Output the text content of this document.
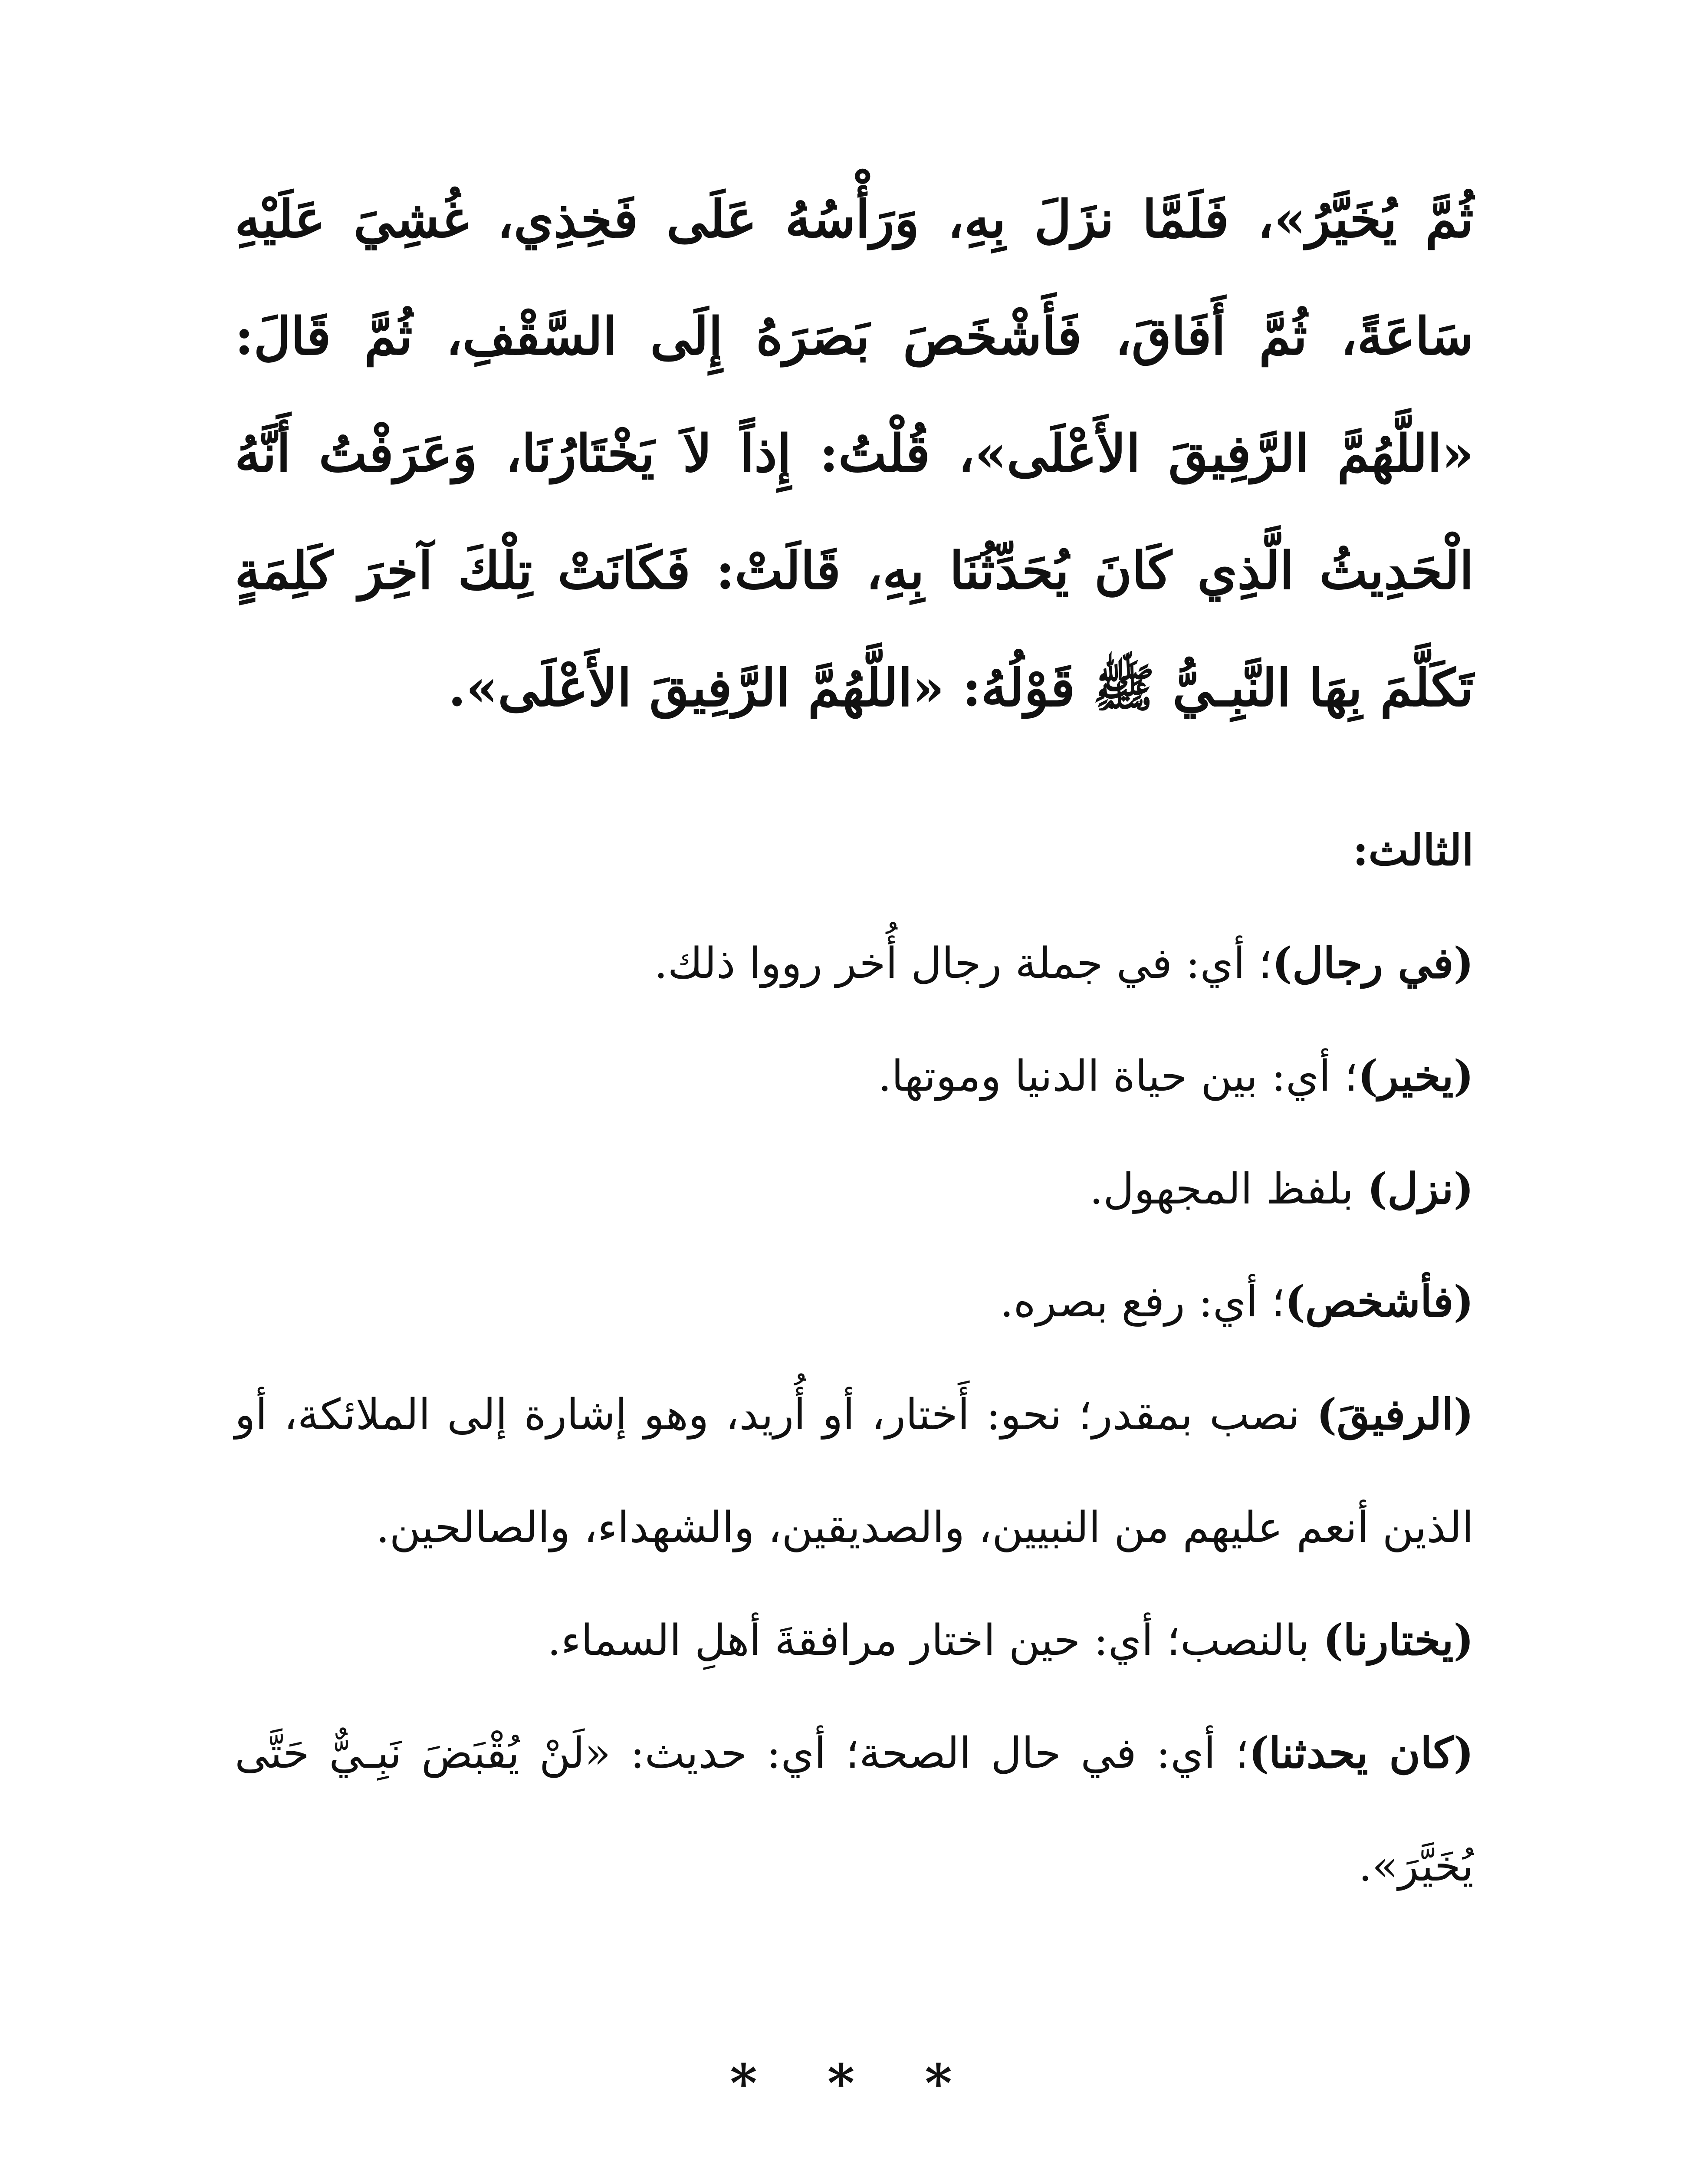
ثُمَّ يُخَيَّرُ»، فَلَمَّا نزَلَ بِهِ، وَرَأْسُهُ عَلَى فَخِذِي، غُشِيَ عَلَيْهِ سَاعَةً، ثُمَّ أَفَاقَ، فَأَشْخَصَ بَصَرَهُ إِلَى السَّقْفِ، ثُمَّ قَالَ: «اللَّهُمَّ الرَّفِيقَ الأَعْلَى»، قُلْتُ: إِذاً لاَ يَخْتَارُنَا، وَعَرَفْتُ أَنَّهُ الْحَدِيثُ الَّذِي كَانَ يُحَدِّثُنَا بِهِ، قَالَتْ: فَكَانَتْ تِلْكَ آخِرَ كَلِمَةٍ تَكَلَّمَ بِهَا النَّبِـيُّ ﷺ قَوْلُهُ: «اللَّهُمَّ الرَّفِيقَ الأَعْلَى».

الثالث:

(في رجال)؛ أي: في جملة رجال أُخر رووا ذلك.

(يخير)؛ أي: بين حياة الدنيا وموتها.

(نزل) بلفظ المجهول.

(فأشخص)؛ أي: رفع بصره.

(الرفيقَ) نصب بمقدر؛ نحو: أَختار، أو أُريد، وهو إشارة إلى الملائكة، أو الذين أنعم عليهم من النبيين، والصديقين، والشهداء، والصالحين.

(يختارنا) بالنصب؛ أي: حين اختار مرافقةَ أهلِ السماء.

(كان يحدثنا)؛ أي: في حال الصحة؛ أي: حديث: «لَنْ يُقْبَضَ نَبِـيٌّ حَتَّى يُخَيَّرَ».

* * *
